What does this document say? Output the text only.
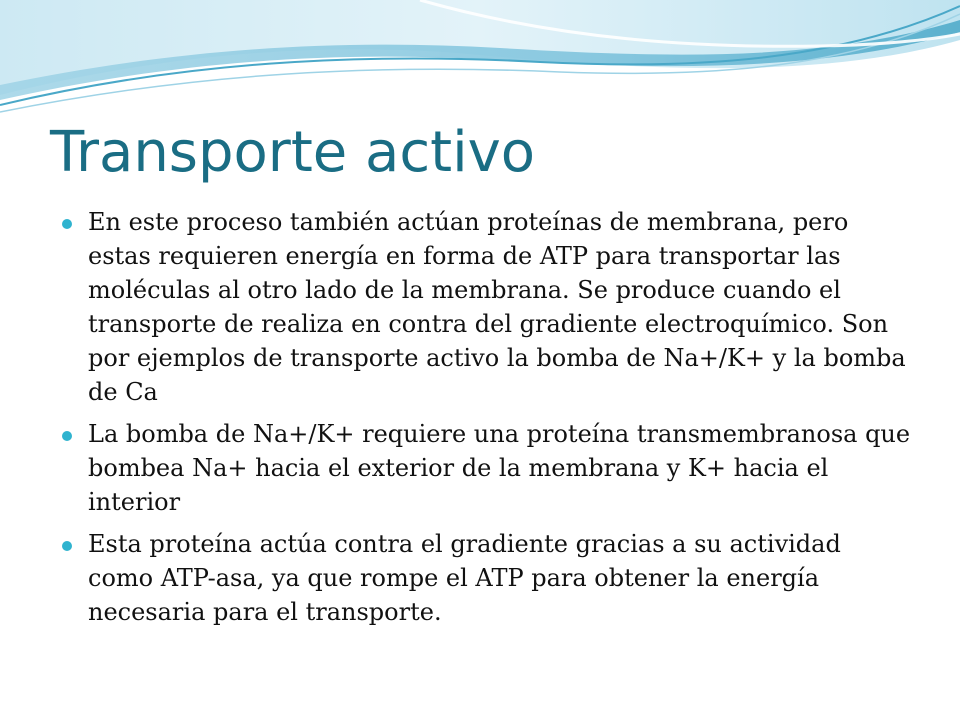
Transporte activo
En este proceso también actúan proteínas de membrana, pero estas requieren energía en forma de ATP para transportar las moléculas al otro lado de la membrana. Se produce cuando el transporte de realiza en contra del gradiente electroquímico. Son por ejemplos de transporte activo la bomba de Na+/K+ y la bomba de Ca
La bomba de Na+/K+ requiere una proteína transmembranosa que bombea Na+ hacia el exterior de la membrana y K+ hacia el interior
Esta proteína actúa contra el gradiente gracias a su actividad como ATP-asa, ya que rompe el ATP para obtener la energía necesaria para el transporte.
